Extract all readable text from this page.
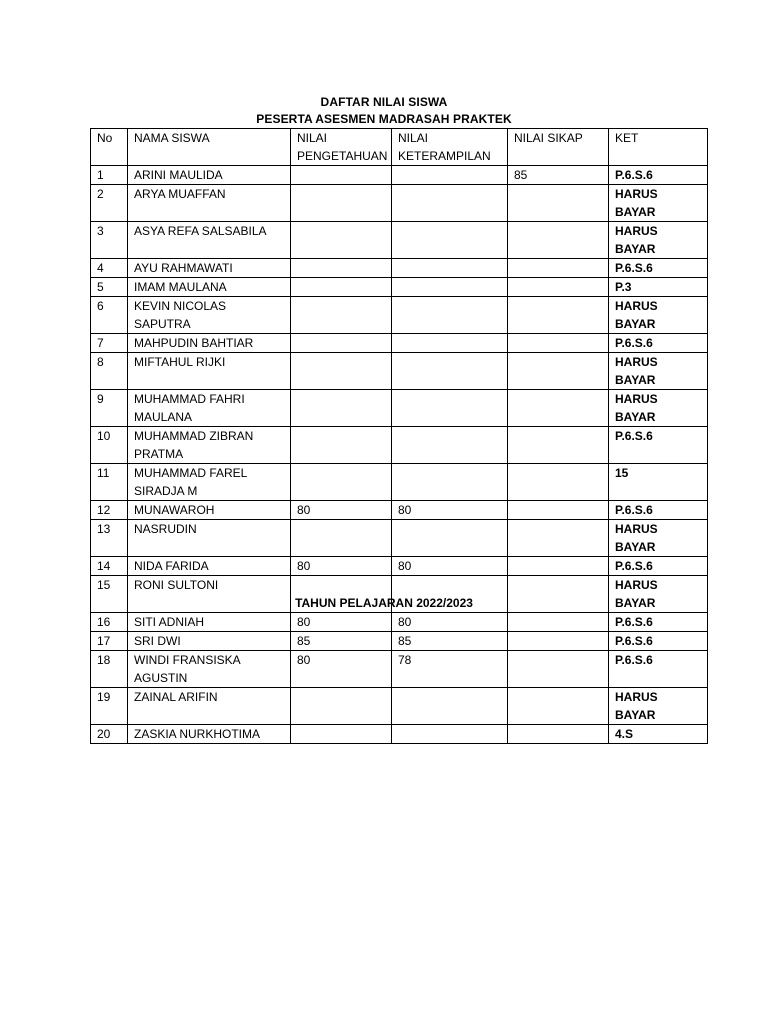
DAFTAR NILAI SISWA
PESERTA ASESMEN MADRASAH PRAKTEK
No	NAMA SISWA	NILAI PENGETAHUAN	NILAI KETERAMPILAN	NILAI SIKAP	KET
1	ARINI MAULIDA			85	P.6.S.6
2	ARYA MUAFFAN				HARUS BAYAR
3	ASYA REFA SALSABILA				HARUS BAYAR
4	AYU RAHMAWATI				P.6.S.6
5	IMAM MAULANA				P.3
6	KEVIN NICOLAS SAPUTRA				HARUS BAYAR
7	MAHPUDIN BAHTIAR				P.6.S.6
8	MIFTAHUL RIJKI				HARUS BAYAR
9	MUHAMMAD FAHRI MAULANA				HARUS BAYAR
10	MUHAMMAD ZIBRAN PRATMA				P.6.S.6
11	MUHAMMAD FAREL SIRADJA M				15
12	MUNAWAROH	80	80		P.6.S.6
13	NASRUDIN				HARUS BAYAR
14	NIDA FARIDA	80	80		P.6.S.6
15	RONI SULTONI				HARUS BAYAR
16	SITI ADNIAH	80	80		P.6.S.6
17	SRI DWI	85	85		P.6.S.6
18	WINDI FRANSISKA AGUSTIN	80	78		P.6.S.6
19	ZAINAL ARIFIN				HARUS BAYAR
20	ZASKIA NURKHOTIMA				4.S
TAHUN PELAJARAN 2022/2023
